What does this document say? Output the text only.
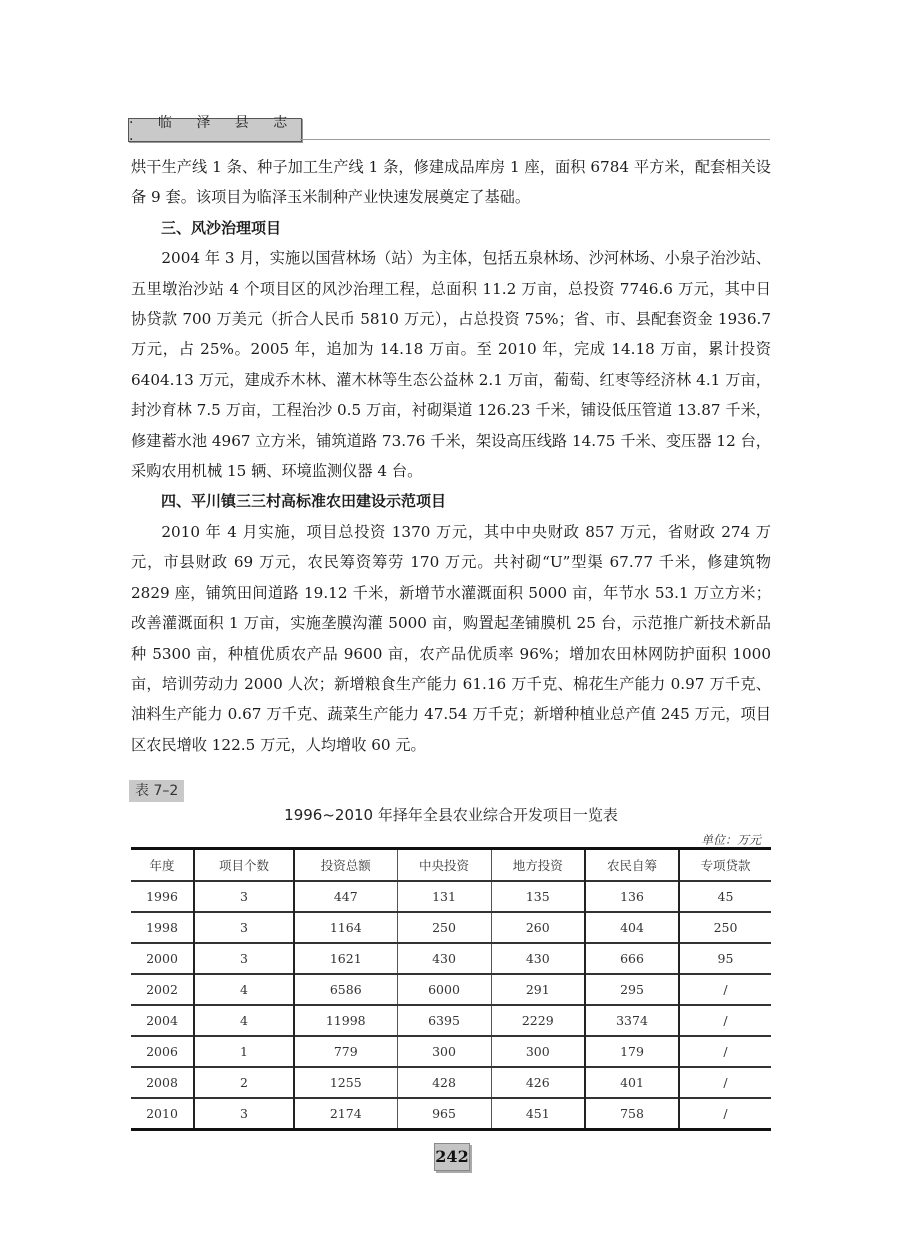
· 临 泽 县 志 ·

烘干生产线 1 条、种子加工生产线 1 条，修建成品库房 1 座，面积 6784 平方米，配套相关设备 9 套。该项目为临泽玉米制种产业快速发展奠定了基础。

三、风沙治理项目

2004 年 3 月，实施以国营林场（站）为主体，包括五泉林场、沙河林场、小泉子治沙站、五里墩治沙站 4 个项目区的风沙治理工程，总面积 11.2 万亩，总投资 7746.6 万元，其中日协贷款 700 万美元（折合人民币 5810 万元），占总投资 75%；省、市、县配套资金 1936.7 万元，占 25%。2005 年，追加为 14.18 万亩。至 2010 年，完成 14.18 万亩，累计投资 6404.13 万元，建成乔木林、灌木林等生态公益林 2.1 万亩，葡萄、红枣等经济林 4.1 万亩，封沙育林 7.5 万亩，工程治沙 0.5 万亩，衬砌渠道 126.23 千米，铺设低压管道 13.87 千米，修建蓄水池 4967 立方米，铺筑道路 73.76 千米，架设高压线路 14.75 千米、变压器 12 台，采购农用机械 15 辆、环境监测仪器 4 台。

四、平川镇三三村高标准农田建设示范项目

2010 年 4 月实施，项目总投资 1370 万元，其中中央财政 857 万元，省财政 274 万元，市县财政 69 万元，农民筹资筹劳 170 万元。共衬砌“U”型渠 67.77 千米，修建筑物 2829 座，铺筑田间道路 19.12 千米，新增节水灌溉面积 5000 亩，年节水 53.1 万立方米；改善灌溉面积 1 万亩，实施垄膜沟灌 5000 亩，购置起垄铺膜机 25 台，示范推广新技术新品种 5300 亩，种植优质农产品 9600 亩，农产品优质率 96%；增加农田林网防护面积 1000 亩，培训劳动力 2000 人次；新增粮食生产能力 61.16 万千克、棉花生产能力 0.97 万千克、油料生产能力 0.67 万千克、蔬菜生产能力 47.54 万千克；新增种植业总产值 245 万元，项目区农民增收 122.5 万元，人均增收 60 元。

表 7–2
1996~2010 年择年全县农业综合开发项目一览表
单位：万元
年度	项目个数	投资总额	中央投资	地方投资	农民自筹	专项贷款
1996	3	447	131	135	136	45
1998	3	1164	250	260	404	250
2000	3	1621	430	430	666	95
2002	4	6586	6000	291	295	/
2004	4	11998	6395	2229	3374	/
2006	1	779	300	300	179	/
2008	2	1255	428	426	401	/
2010	3	2174	965	451	758	/
242
